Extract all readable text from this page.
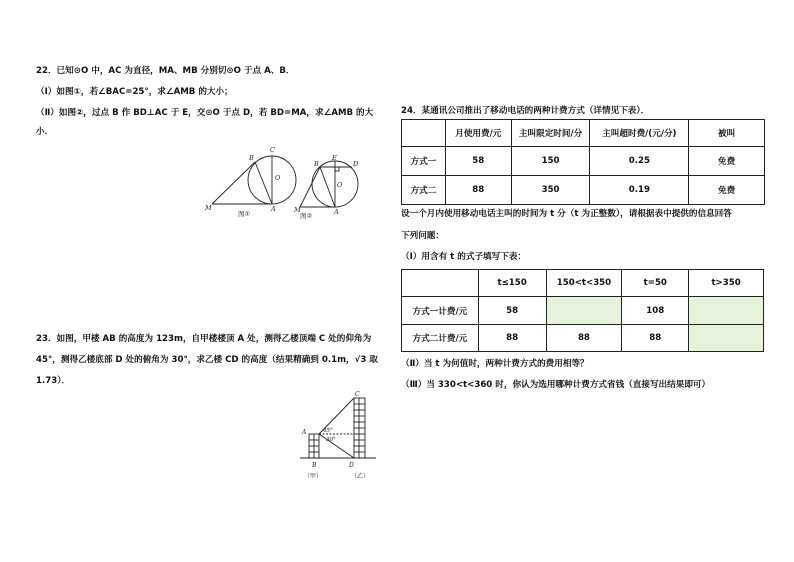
22．已知⊙O 中，AC 为直径，MA、MB 分别切⊙O 于点 A、B．
（Ⅰ）如图①，若∠BAC=25°，求∠AMB 的大小；
（Ⅱ）如图②，过点 B 作 BD⊥AC 于 E，交⊙O 于点 D，若 BD=MA，求∠AMB 的大
小．
B
C
O
M	A
图①
B
E
D
O
M	A
图②
23．如图，甲楼 AB 的高度为 123m，自甲楼楼顶 A 处，测得乙楼顶端 C 处的仰角为
45°，测得乙楼底部 D 处的俯角为 30°，求乙楼 CD 的高度（结果精确到 0.1m，√3 取
1.73）．
A
B
C
D
45°
30°
（甲）	（乙）
24．某通讯公司推出了移动电话的两种计费方式（详情见下表）．
	月使用费/元	主叫限定时间/分	主叫超时费/(元/分)	被叫
方式一	58	150	0.25	免费
方式二	88	350	0.19	免费
设一个月内使用移动电话主叫的时间为 t 分（t 为正整数），请根据表中提供的信息回答
下列问题：
（Ⅰ）用含有 t 的式子填写下表：
	t≤150	150<t<350	t=50	t>350
方式一计费/元	58		108	
方式二计费/元	88	88	88	
（Ⅱ）当 t 为何值时，两种计费方式的费用相等？
（Ⅲ）当 330<t<360 时，你认为选用哪种计费方式省钱（直接写出结果即可）
